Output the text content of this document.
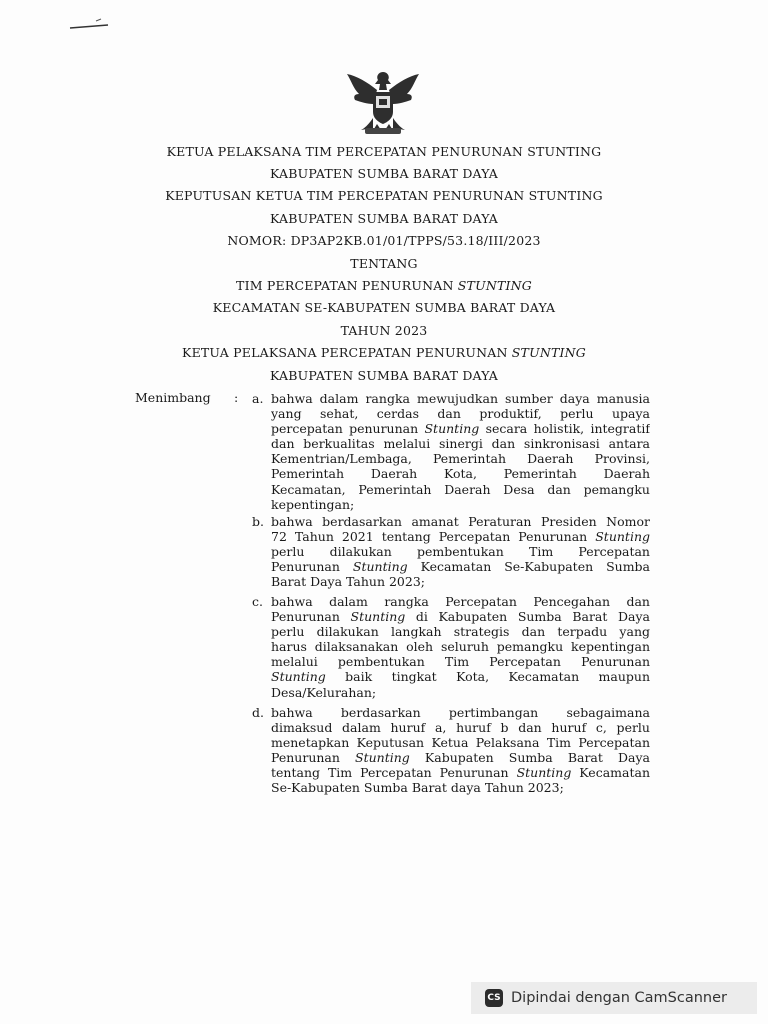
KETUA PELAKSANA TIM PERCEPATAN PENURUNAN STUNTING
KABUPATEN SUMBA BARAT DAYA
KEPUTUSAN KETUA TIM PERCEPATAN PENURUNAN STUNTING
KABUPATEN SUMBA BARAT DAYA
NOMOR: DP3AP2KB.01/01/TPPS/53.18/III/2023
TENTANG
TIM PERCEPATAN PENURUNAN STUNTING
KECAMATAN SE-KABUPATEN SUMBA BARAT DAYA
TAHUN 2023
KETUA PELAKSANA PERCEPATAN PENURUNAN STUNTING
KABUPATEN SUMBA BARAT DAYA
Menimbang : a. bahwa dalam rangka mewujudkan sumber daya manusia
yang sehat, cerdas dan produktif, perlu upaya
percepatan penurunan Stunting secara holistik, integratif
dan berkualitas melalui sinergi dan sinkronisasi antara
Kementrian/Lembaga, Pemerintah Daerah Provinsi,
Pemerintah Daerah Kota, Pemerintah Daerah
Kecamatan, Pemerintah Daerah Desa dan pemangku
kepentingan;
b. bahwa berdasarkan amanat Peraturan Presiden Nomor
72 Tahun 2021 tentang Percepatan Penurunan Stunting
perlu dilakukan pembentukan Tim Percepatan
Penurunan Stunting Kecamatan Se-Kabupaten Sumba
Barat Daya Tahun 2023;
c. bahwa dalam rangka Percepatan Pencegahan dan
Penurunan Stunting di Kabupaten Sumba Barat Daya
perlu dilakukan langkah strategis dan terpadu yang
harus dilaksanakan oleh seluruh pemangku kepentingan
melalui pembentukan Tim Percepatan Penurunan
Stunting baik tingkat Kota, Kecamatan maupun
Desa/Kelurahan;
d. bahwa berdasarkan pertimbangan sebagaimana
dimaksud dalam huruf a, huruf b dan huruf c, perlu
menetapkan Keputusan Ketua Pelaksana Tim Percepatan
Penurunan Stunting Kabupaten Sumba Barat Daya
tentang Tim Percepatan Penurunan Stunting Kecamatan
Se-Kabupaten Sumba Barat daya Tahun 2023;
CS Dipindai dengan CamScanner
